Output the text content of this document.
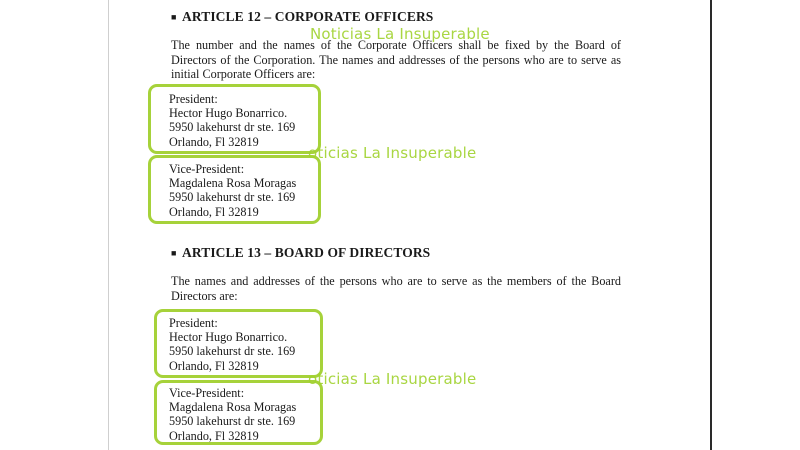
■ ARTICLE 12 – CORPORATE OFFICERS
The number and the names of the Corporate Officers shall be fixed by the Board of
Directors of the Corporation. The names and addresses of the persons who are to serve as
initial Corporate Officers are:
President:
Hector Hugo Bonarrico.
5950 lakehurst dr ste. 169
Orlando, Fl 32819
Vice-President:
Magdalena Rosa Moragas
5950 lakehurst dr ste. 169
Orlando, Fl 32819
■ ARTICLE 13 – BOARD OF DIRECTORS
The names and addresses of the persons who are to serve as the members of the Board
Directors are:
President:
Hector Hugo Bonarrico.
5950 lakehurst dr ste. 169
Orlando, Fl 32819
Vice-President:
Magdalena Rosa Moragas
5950 lakehurst dr ste. 169
Orlando, Fl 32819
Noticias La Insuperable
oticias La Insuperable
oticias La Insuperable
